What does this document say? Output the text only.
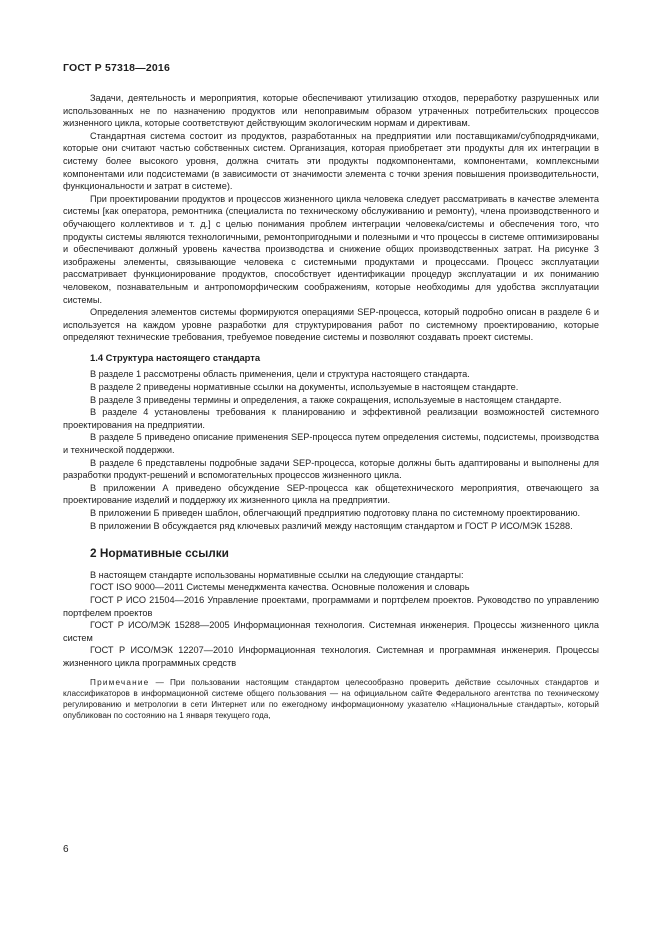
ГОСТ Р 57318—2016

Задачи, деятельность и мероприятия, которые обеспечивают утилизацию отходов, переработку разрушенных или использованных не по назначению продуктов или непоправимым образом утраченных потребительских процессов жизненного цикла, которые соответствуют действующим экологическим нормам и директивам.

Стандартная система состоит из продуктов, разработанных на предприятии или поставщиками/субподрядчиками, которые они считают частью собственных систем. Организация, которая приобретает эти продукты для их интеграции в систему более высокого уровня, должна считать эти продукты подкомпонентами, компонентами, комплексными компонентами или подсистемами (в зависимости от значимости элемента с точки зрения повышения производительности, функциональности и затрат в системе).

При проектировании продуктов и процессов жизненного цикла человека следует рассматривать в качестве элемента системы [как оператора, ремонтника (специалиста по техническому обслуживанию и ремонту), члена производственного и обучающего коллективов и т. д.] с целью понимания проблем интеграции человека/системы и обеспечения того, что продукты системы являются технологичными, ремонтопригодными и полезными и что процессы в системе оптимизированы и обеспечивают должный уровень качества производства и снижение общих производственных затрат. На рисунке 3 изображены элементы, связывающие человека с системными продуктами и процессами. Процесс эксплуатации рассматривает функционирование продуктов, способствует идентификации процедур эксплуатации и их пониманию человеком, познавательным и антропоморфическим соображениям, которые необходимы для удобства эксплуатации системы.

Определения элементов системы формируются операциями SEP-процесса, который подробно описан в разделе 6 и используется на каждом уровне разработки для структурирования работ по системному проектированию, которые определяют технические требования, требуемое поведение системы и позволяют создавать проект системы.

1.4 Структура настоящего стандарта

В разделе 1 рассмотрены область применения, цели и структура настоящего стандарта.

В разделе 2 приведены нормативные ссылки на документы, используемые в настоящем стандарте.

В разделе 3 приведены термины и определения, а также сокращения, используемые в настоящем стандарте.

В разделе 4 установлены требования к планированию и эффективной реализации возможностей системного проектирования на предприятии.

В разделе 5 приведено описание применения SEP-процесса путем определения системы, подсистемы, производства и технической поддержки.

В разделе 6 представлены подробные задачи SEP-процесса, которые должны быть адаптированы и выполнены для разработки продукт-решений и вспомогательных процессов жизненного цикла.

В приложении А приведено обсуждение SEP-процесса как общетехнического мероприятия, отвечающего за проектирование изделий и поддержку их жизненного цикла на предприятии.

В приложении Б приведен шаблон, облегчающий предприятию подготовку плана по системному проектированию.

В приложении В обсуждается ряд ключевых различий между настоящим стандартом и ГОСТ Р ИСО/МЭК 15288.

2 Нормативные ссылки

В настоящем стандарте использованы нормативные ссылки на следующие стандарты:

ГОСТ ISO 9000—2011 Системы менеджмента качества. Основные положения и словарь

ГОСТ Р ИСО 21504—2016 Управление проектами, программами и портфелем проектов. Руководство по управлению портфелем проектов

ГОСТ Р ИСО/МЭК 15288—2005 Информационная технология. Системная инженерия. Процессы жизненного цикла систем

ГОСТ Р ИСО/МЭК 12207—2010 Информационная технология. Системная и программная инженерия. Процессы жизненного цикла программных средств

Примечание — При пользовании настоящим стандартом целесообразно проверить действие ссылочных стандартов и классификаторов в информационной системе общего пользования — на официальном сайте Федерального агентства по техническому регулированию и метрологии в сети Интернет или по ежегодному информационному указателю «Национальные стандарты», который опубликован по состоянию на 1 января текущего года,

6
